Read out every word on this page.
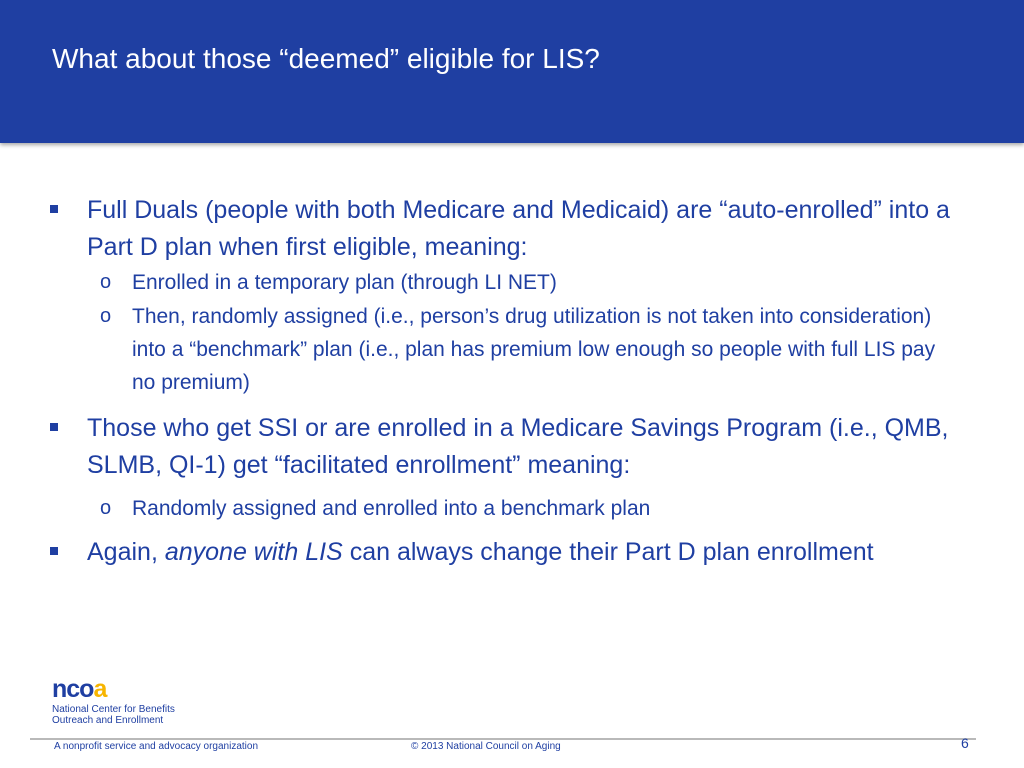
What about those “deemed” eligible for LIS?
Full Duals (people with both Medicare and Medicaid) are “auto-enrolled” into a Part D plan when first eligible, meaning:
o Enrolled in a temporary plan (through LI NET)
o Then, randomly assigned (i.e., person’s drug utilization is not taken into consideration) into a “benchmark” plan (i.e., plan has premium low enough so people with full LIS pay no premium)
Those who get SSI or are enrolled in a Medicare Savings Program (i.e., QMB, SLMB, QI-1) get “facilitated enrollment” meaning:
o Randomly assigned and enrolled into a benchmark plan
Again, anyone with LIS can always change their Part D plan enrollment
ncoa
National Center for Benefits
Outreach and Enrollment
A nonprofit service and advocacy organization	© 2013 National Council on Aging	6
